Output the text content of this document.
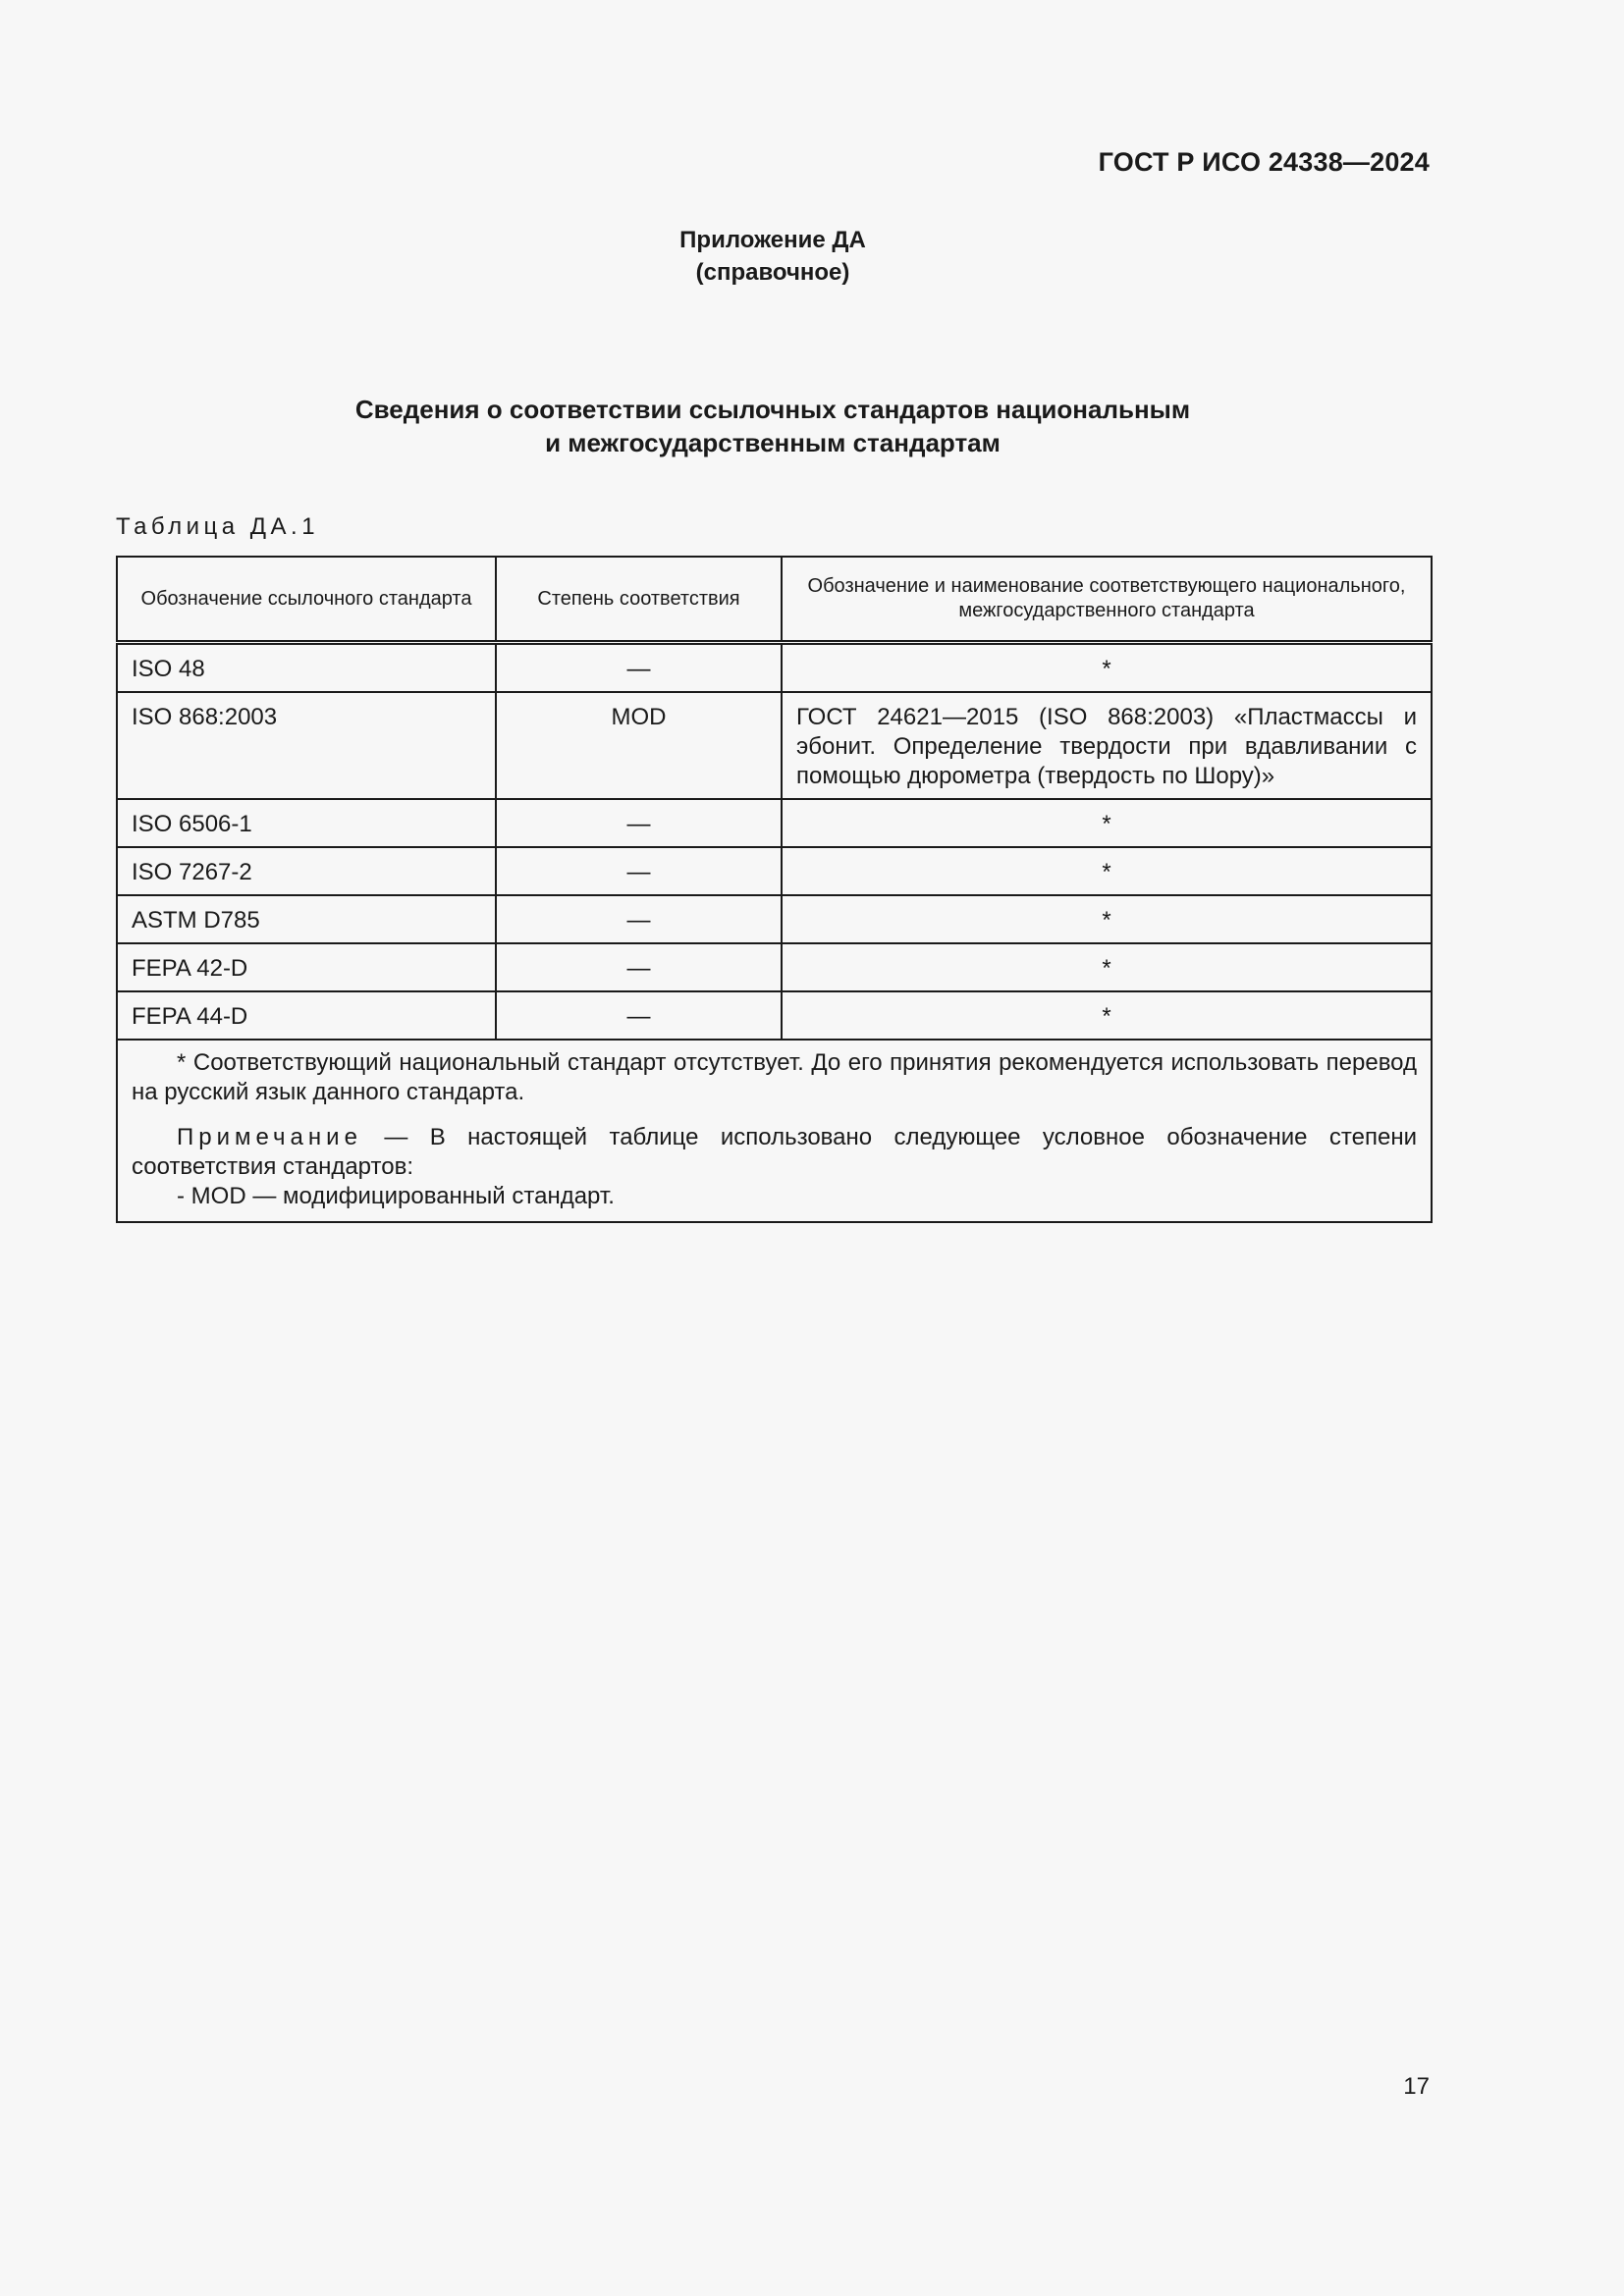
ГОСТ Р ИСО 24338—2024
Приложение ДА
(справочное)
Сведения о соответствии ссылочных стандартов национальным
и межгосударственным стандартам
Таблица ДА.1
Обозначение ссылочного стандарта	Степень соответствия	Обозначение и наименование соответствующего национального, межгосударственного стандарта
ISO 48	—	*
ISO 868:2003	MOD	ГОСТ 24621—2015 (ISO 868:2003) «Пластмассы и эбонит. Определение твердости при вдавливании с помощью дюрометра (твердость по Шору)»
ISO 6506-1	—	*
ISO 7267-2	—	*
ASTM D785	—	*
FEPA 42-D	—	*
FEPA 44-D	—	*

* Соответствующий национальный стандарт отсутствует. До его принятия рекомендуется использовать перевод на русский язык данного стандарта.

Примечание — В настоящей таблице использовано следующее условное обозначение степени соответствия стандартов:

- MOD — модифицированный стандарт.		

17
